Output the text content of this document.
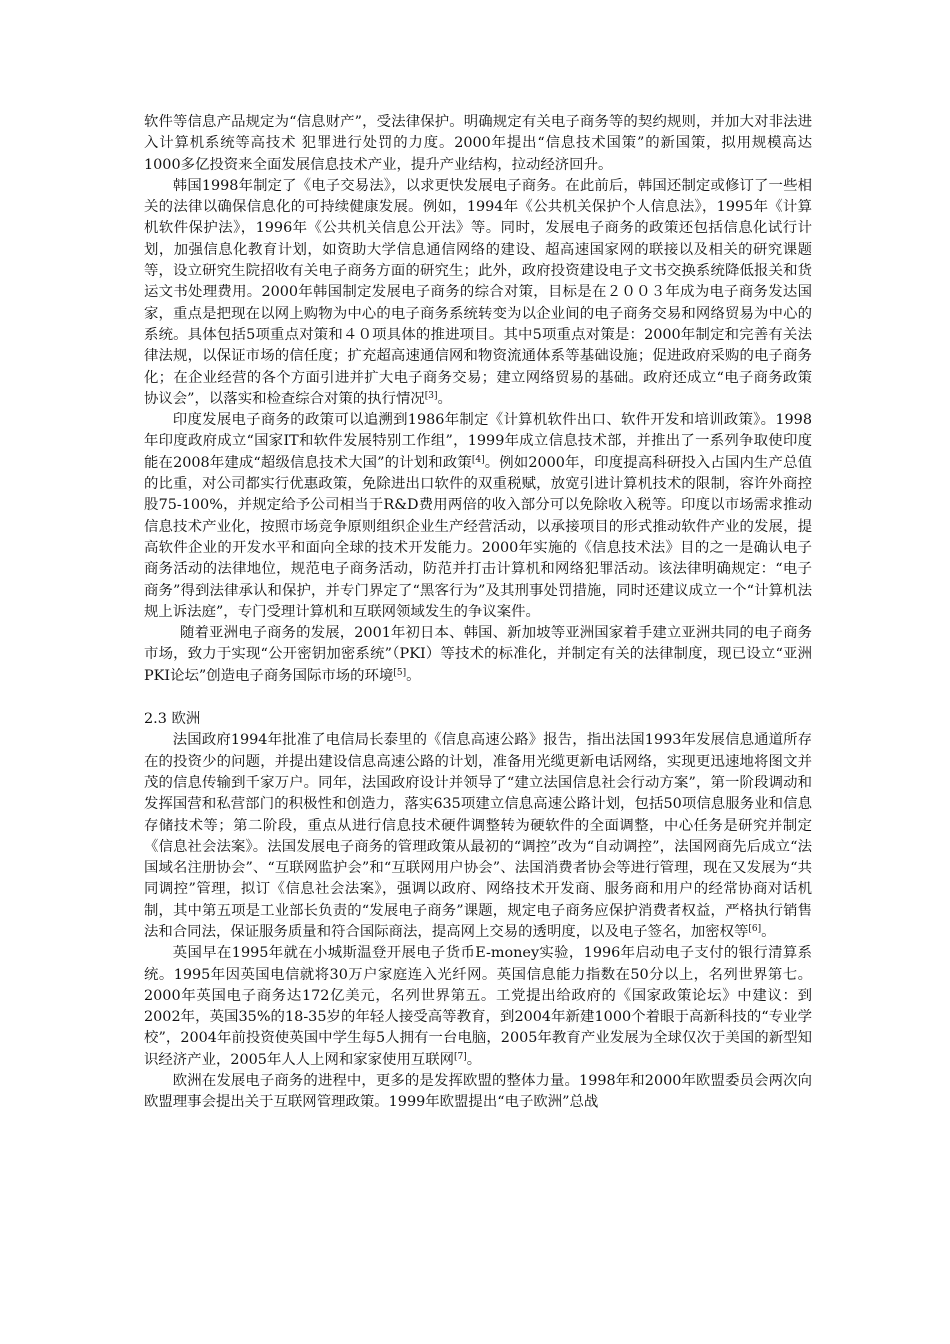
软件等信息产品规定为“信息财产”，受法律保护。明确规定有关电子商务等的契约规则，并加大对非法进入计算机系统等高技术 犯罪进行处罚的力度。2000年提出“信息技术国策”的新国策，拟用规模高达1000多亿投资来全面发展信息技术产业，提升产业结构，拉动经济回升。

韩国1998年制定了《电子交易法》，以求更快发展电子商务。在此前后，韩国还制定或修订了一些相关的法律以确保信息化的可持续健康发展。例如，1994年《公共机关保护个人信息法》，1995年《计算机软件保护法》，1996年《公共机关信息公开法》等。同时，发展电子商务的政策还包括信息化试行计划，加强信息化教育计划，如资助大学信息通信网络的建设、超高速国家网的联接以及相关的研究课题等，设立研究生院招收有关电子商务方面的研究生；此外，政府投资建设电子文书交换系统降低报关和货运文书处理费用。2000年韩国制定发展电子商务的综合对策，目标是在２００３年成为电子商务发达国家，重点是把现在以网上购物为中心的电子商务系统转变为以企业间的电子商务交易和网络贸易为中心的系统。具体包括5项重点对策和４０项具体的推进项目。其中5项重点对策是：2000年制定和完善有关法律法规，以保证市场的信任度；扩充超高速通信网和物资流通体系等基础设施；促进政府采购的电子商务化；在企业经营的各个方面引进并扩大电子商务交易；建立网络贸易的基础。政府还成立“电子商务政策协议会”，以落实和检查综合对策的执行情况[3]。

印度发展电子商务的政策可以追溯到1986年制定《计算机软件出口、软件开发和培训政策》。1998年印度政府成立“国家IT和软件发展特别工作组”，1999年成立信息技术部，并推出了一系列争取使印度能在2008年建成“超级信息技术大国”的计划和政策[4]。例如2000年，印度提高科研投入占国内生产总值的比重，对公司都实行优惠政策，免除进出口软件的双重税赋，放宽引进计算机技术的限制，容许外商控股75-100%，并规定给予公司相当于R&D费用两倍的收入部分可以免除收入税等。印度以市场需求推动信息技术产业化，按照市场竞争原则组织企业生产经营活动，以承接项目的形式推动软件产业的发展，提高软件企业的开发水平和面向全球的技术开发能力。2000年实施的《信息技术法》目的之一是确认电子商务活动的法律地位，规范电子商务活动，防范并打击计算机和网络犯罪活动。该法律明确规定：“电子商务”得到法律承认和保护，并专门界定了“黑客行为”及其刑事处罚措施，同时还建议成立一个“计算机法规上诉法庭”，专门受理计算机和互联网领域发生的争议案件。

随着亚洲电子商务的发展，2001年初日本、韩国、新加坡等亚洲国家着手建立亚洲共同的电子商务市场，致力于实现“公开密钥加密系统”（PKI）等技术的标准化，并制定有关的法律制度，现已设立“亚洲PKI论坛”创造电子商务国际市场的环境[5]。

2.3 欧洲

法国政府1994年批准了电信局长泰里的《信息高速公路》报告，指出法国1993年发展信息通道所存在的投资少的问题，并提出建设信息高速公路的计划，准备用光缆更新电话网络，实现更迅速地将图文并茂的信息传输到千家万户。同年，法国政府设计并领导了“建立法国信息社会行动方案”，第一阶段调动和发挥国营和私营部门的积极性和创造力，落实635项建立信息高速公路计划，包括50项信息服务业和信息存储技术等；第二阶段，重点从进行信息技术硬件调整转为硬软件的全面调整，中心任务是研究并制定《信息社会法案》。法国发展电子商务的管理政策从最初的“调控”改为“自动调控”，法国网商先后成立“法国域名注册协会”、“互联网监护会”和“互联网用户协会”、法国消费者协会等进行管理，现在又发展为“共同调控”管理，拟订《信息社会法案》，强调以政府、网络技术开发商、服务商和用户的经常协商对话机制，其中第五项是工业部长负责的“发展电子商务”课题，规定电子商务应保护消费者权益，严格执行销售法和合同法，保证服务质量和符合国际商法，提高网上交易的透明度，以及电子签名，加密权等[6]。

英国早在1995年就在小城斯温登开展电子货币E-money实验，1996年启动电子支付的银行清算系统。1995年因英国电信就将30万户家庭连入光纤网。英国信息能力指数在50分以上，名列世界第七。2000年英国电子商务达172亿美元，名列世界第五。工党提出给政府的《国家政策论坛》中建议：到2002年，英国35%的18-35岁的年轻人接受高等教育，到2004年新建1000个着眼于高新科技的“专业学校”，2004年前投资使英国中学生每5人拥有一台电脑，2005年教育产业发展为全球仅次于美国的新型知识经济产业，2005年人人上网和家家使用互联网[7]。

欧洲在发展电子商务的进程中，更多的是发挥欧盟的整体力量。1998年和2000年欧盟委员会两次向欧盟理事会提出关于互联网管理政策。1999年欧盟提出“电子欧洲”总战
